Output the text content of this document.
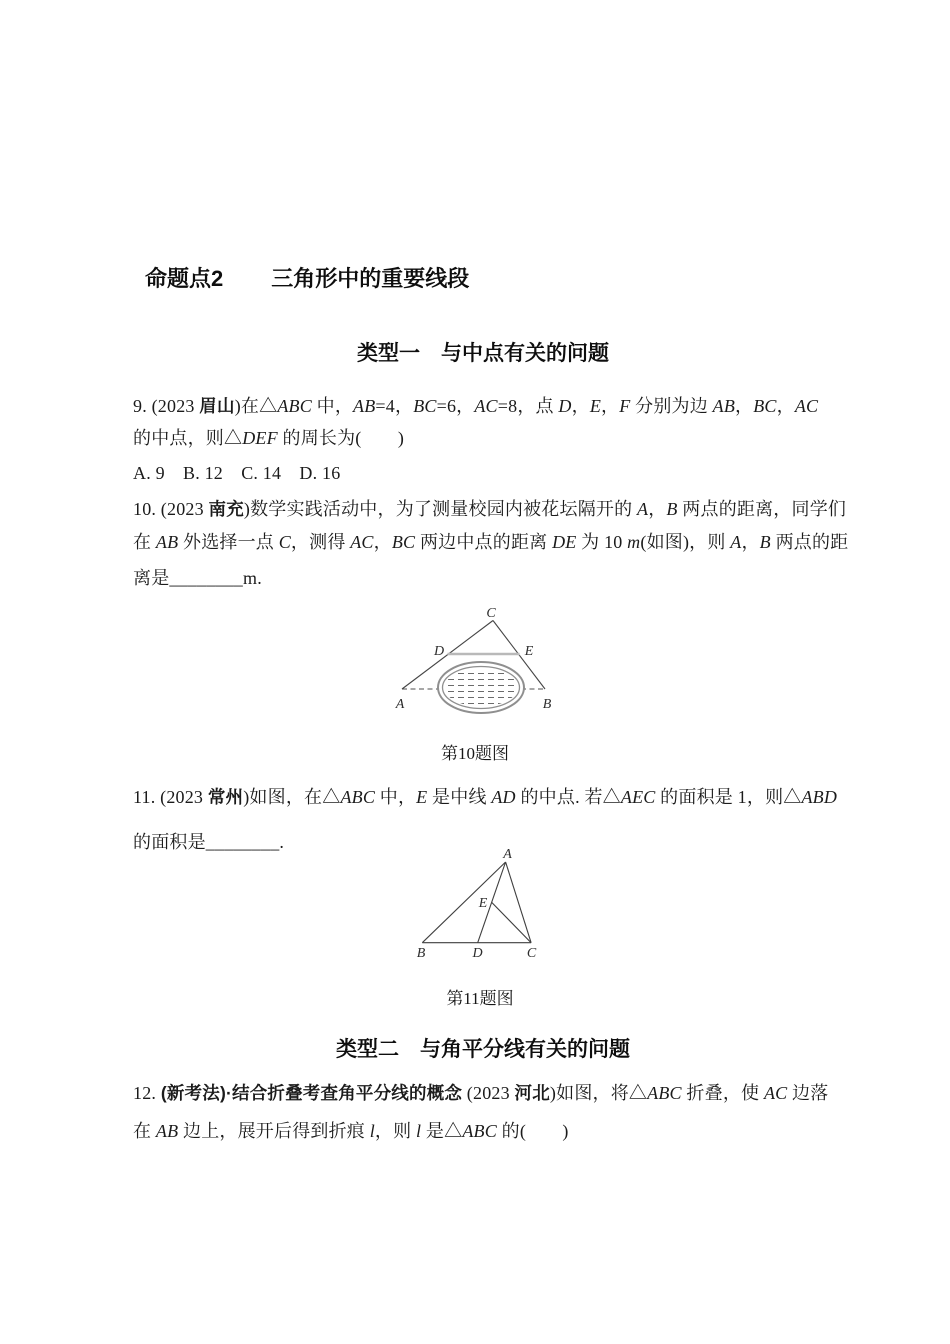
命题点2 三角形中的重要线段
类型一　与中点有关的问题
9. (2023 眉山)在△ABC 中，AB=4，BC=6，AC=8，点 D，E，F 分别为边 AB，BC，AC
的中点，则△DEF 的周长为(　　)
A. 9　B. 12　C. 14　D. 16
10. (2023 南充)数学实践活动中，为了测量校园内被花坛隔开的 A，B 两点的距离，同学们
在 AB 外选择一点 C，测得 AC，BC 两边中点的距离 DE 为 10 m(如图)，则 A，B 两点的距
离是________m.
A	B
C
D	E
第10题图
11. (2023 常州)如图，在△ABC 中，E 是中线 AD 的中点. 若△AEC 的面积是 1，则△ABD
的面积是________.
A
B	C
D
E
第11题图
类型二　与角平分线有关的问题
12. (新考法)·结合折叠考查角平分线的概念 (2023 河北)如图，将△ABC 折叠，使 AC 边落
在 AB 边上，展开后得到折痕 l，则 l 是△ABC 的(　　)
